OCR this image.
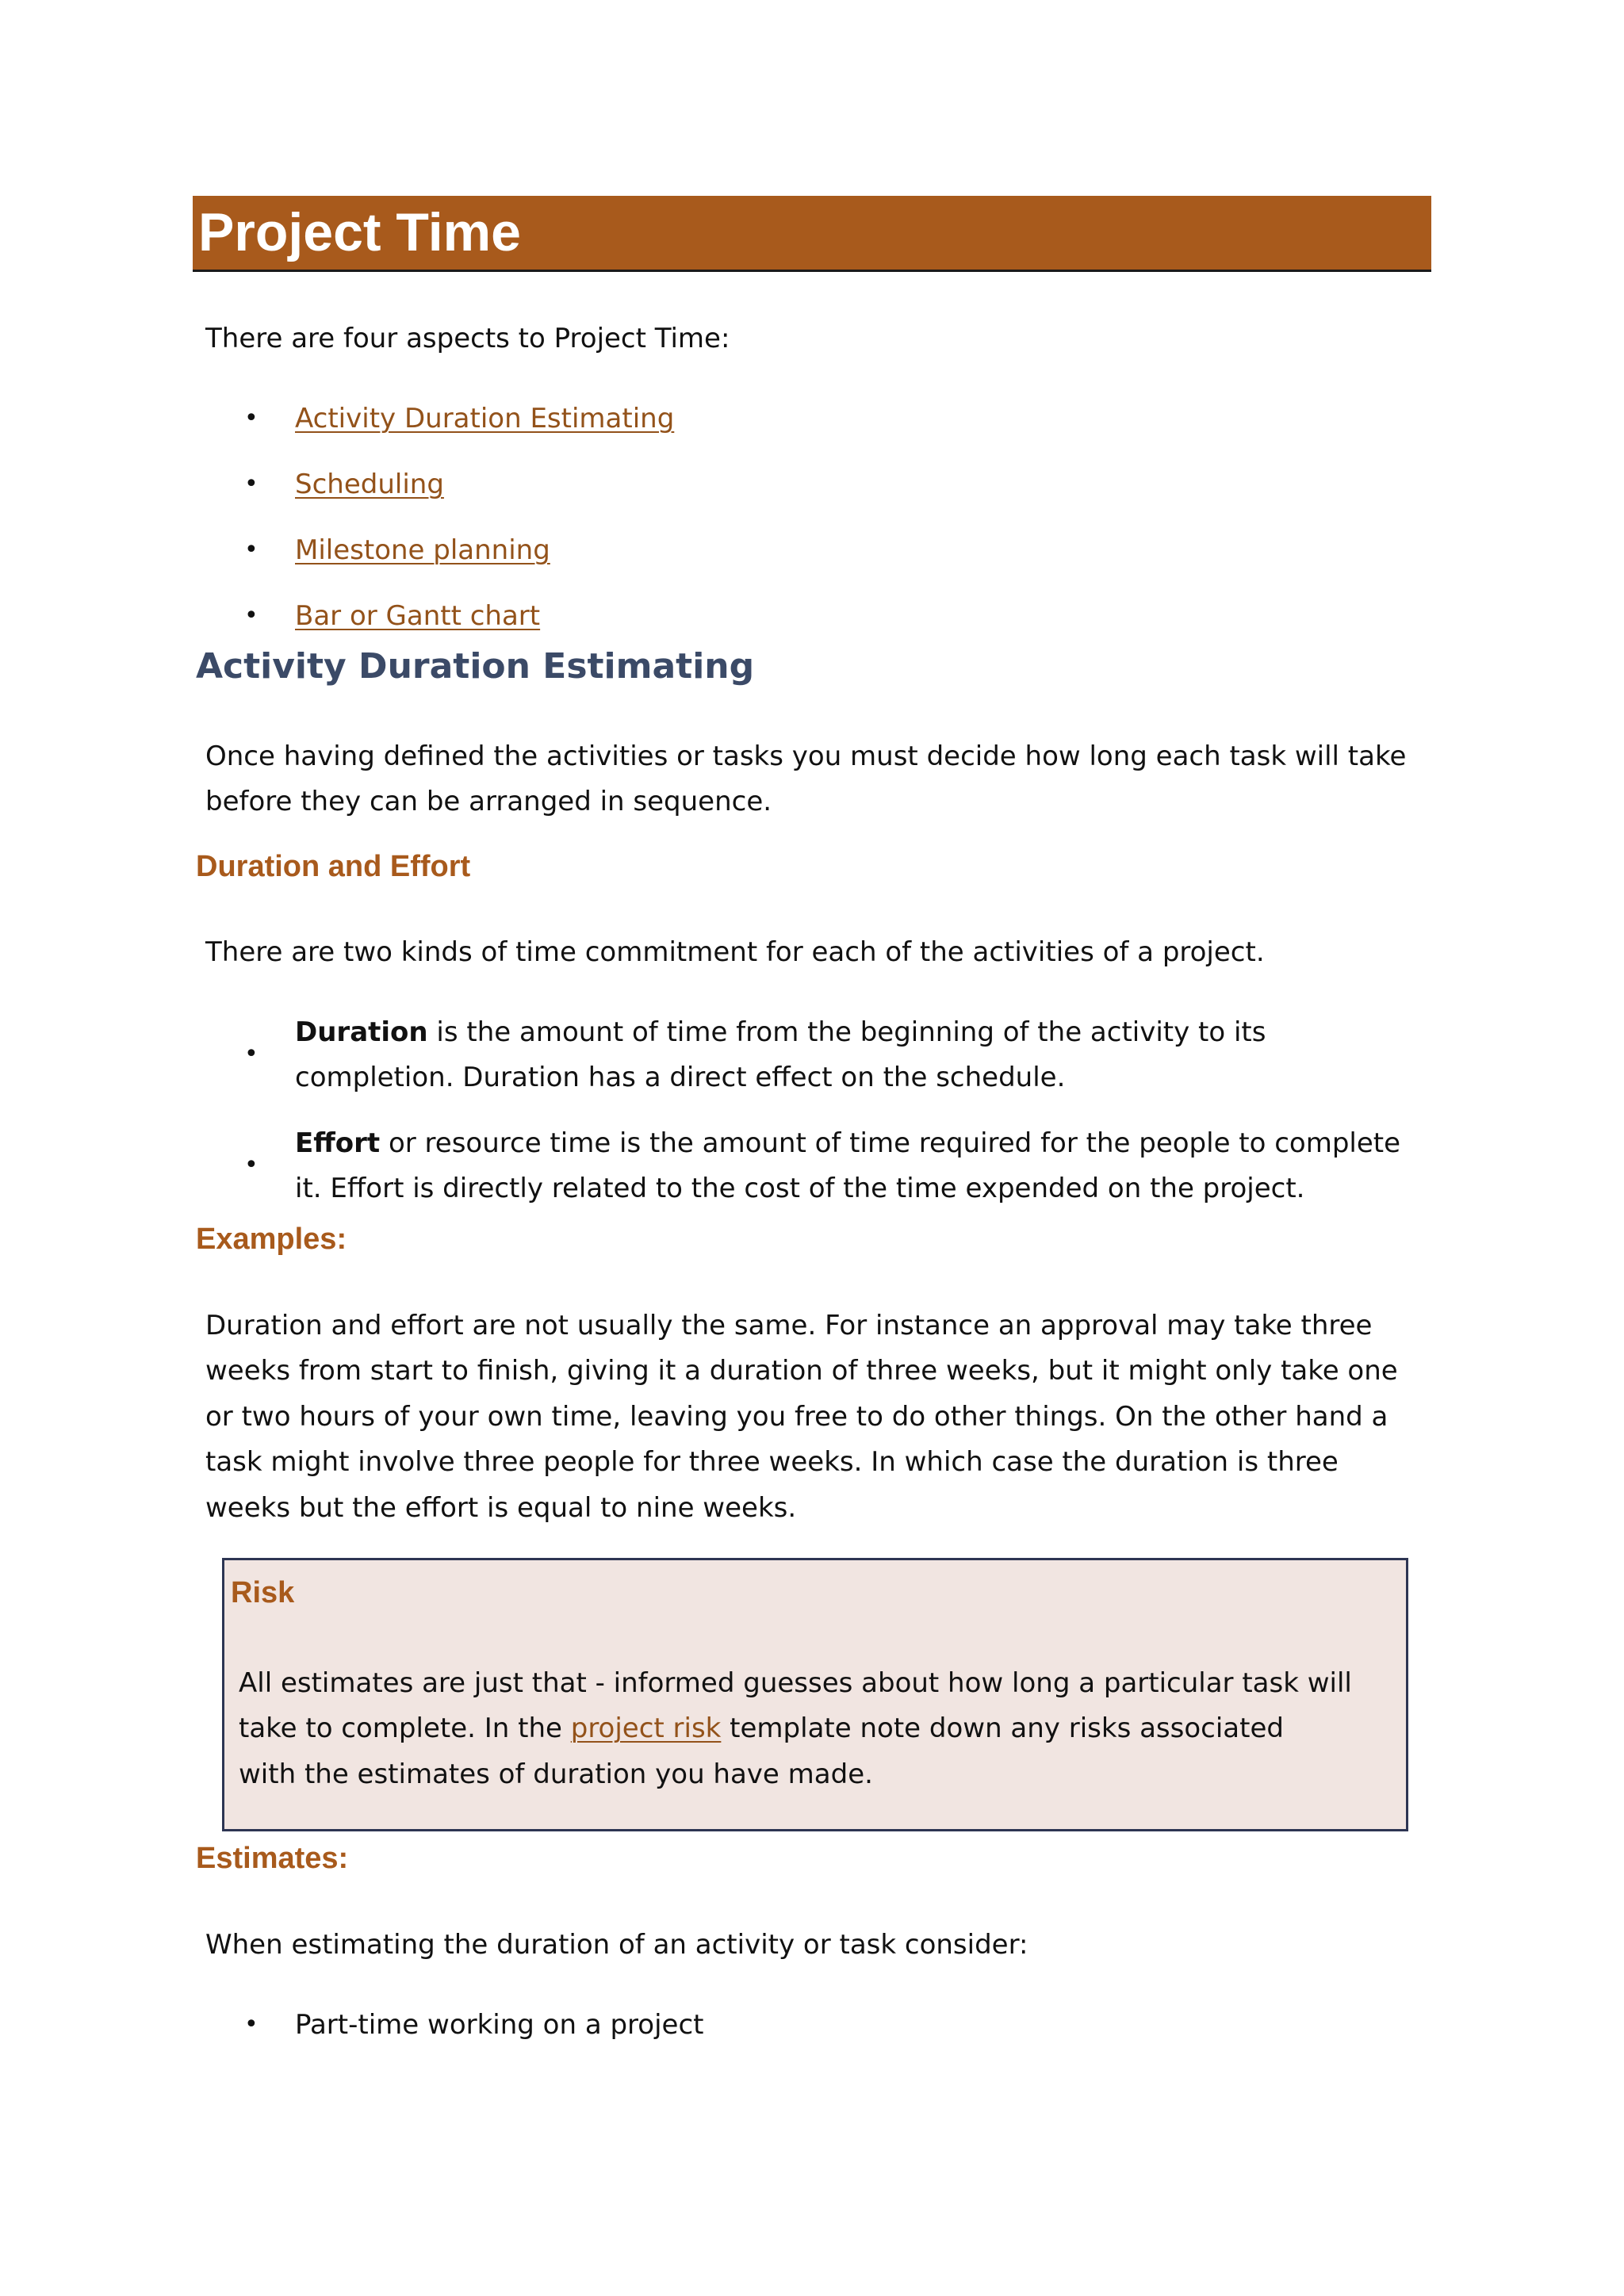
Project Time

There are four aspects to Project Time:

• Activity Duration Estimating

• Scheduling

• Milestone planning

• Bar or Gantt chart

Activity Duration Estimating

Once having defined the activities or tasks you must decide how long each task will take

before they can be arranged in sequence.

Duration and Effort

There are two kinds of time commitment for each of the activities of a project.

•

Duration is the amount of time from the beginning of the activity to its

completion. Duration has a direct effect on the schedule.

•

Effort or resource time is the amount of time required for the people to complete

it. Effort is directly related to the cost of the time expended on the project.

Examples:

Duration and effort are not usually the same. For instance an approval may take three

weeks from start to finish, giving it a duration of three weeks, but it might only take one

or two hours of your own time, leaving you free to do other things. On the other hand a

task might involve three people for three weeks. In which case the duration is three

weeks but the effort is equal to nine weeks.

Risk

All estimates are just that - informed guesses about how long a particular task will

take to complete. In the project risk template note down any risks associated

with the estimates of duration you have made.

Estimates:

When estimating the duration of an activity or task consider:

• Part-time working on a project
